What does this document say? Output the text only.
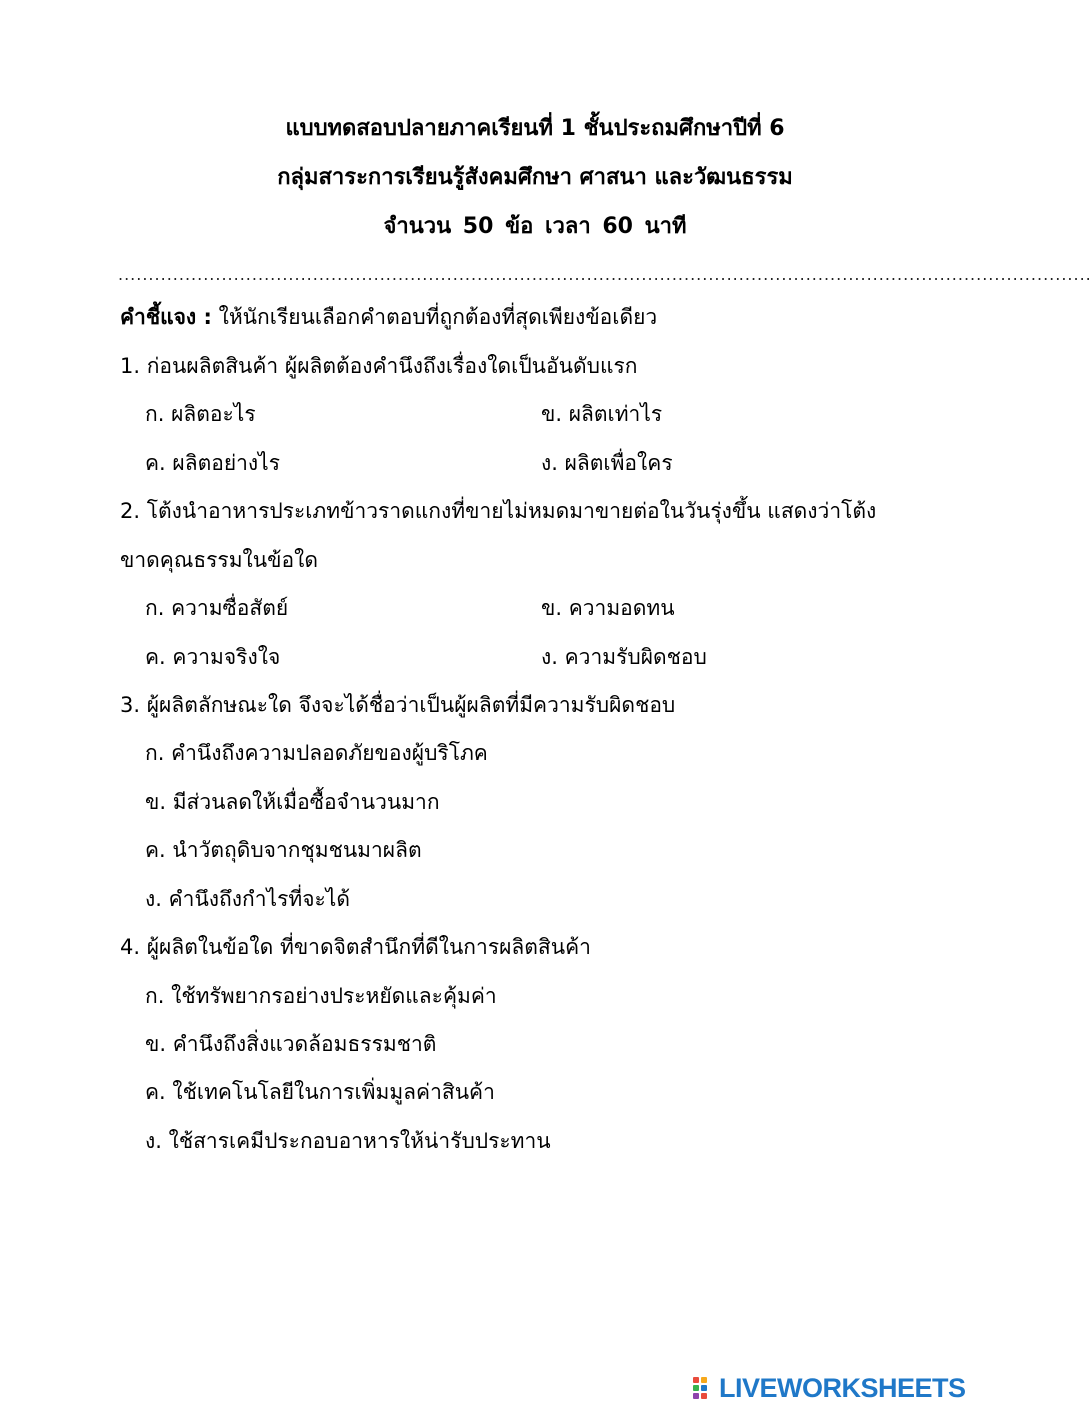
แบบทดสอบปลายภาคเรียนที่ 1 ชั้นประถมศึกษาปีที่ 6
กลุ่มสาระการเรียนรู้สังคมศึกษา ศาสนา และวัฒนธรรม
จำนวน 50 ข้อ เวลา 60 นาที
................................................................................................................................................................
คำชี้แจง : ให้นักเรียนเลือกคำตอบที่ถูกต้องที่สุดเพียงข้อเดียว
1. ก่อนผลิตสินค้า ผู้ผลิตต้องคำนึงถึงเรื่องใดเป็นอันดับแรก
ก. ผลิตอะไร	ข. ผลิตเท่าไร
ค. ผลิตอย่างไร	ง. ผลิตเพื่อใคร
2. โต้งนำอาหารประเภทข้าวราดแกงที่ขายไม่หมดมาขายต่อในวันรุ่งขึ้น แสดงว่าโต้ง
ขาดคุณธรรมในข้อใด
ก. ความซื่อสัตย์	ข. ความอดทน
ค. ความจริงใจ	ง. ความรับผิดชอบ
3. ผู้ผลิตลักษณะใด จึงจะได้ชื่อว่าเป็นผู้ผลิตที่มีความรับผิดชอบ
ก. คำนึงถึงความปลอดภัยของผู้บริโภค
ข. มีส่วนลดให้เมื่อซื้อจำนวนมาก
ค. นำวัตถุดิบจากชุมชนมาผลิต
ง. คำนึงถึงกำไรที่จะได้
4. ผู้ผลิตในข้อใด ที่ขาดจิตสำนึกที่ดีในการผลิตสินค้า
ก. ใช้ทรัพยากรอย่างประหยัดและคุ้มค่า
ข. คำนึงถึงสิ่งแวดล้อมธรรมชาติ
ค. ใช้เทคโนโลยีในการเพิ่มมูลค่าสินค้า
ง. ใช้สารเคมีประกอบอาหารให้น่ารับประทาน
LIVEWORKSHEETS
